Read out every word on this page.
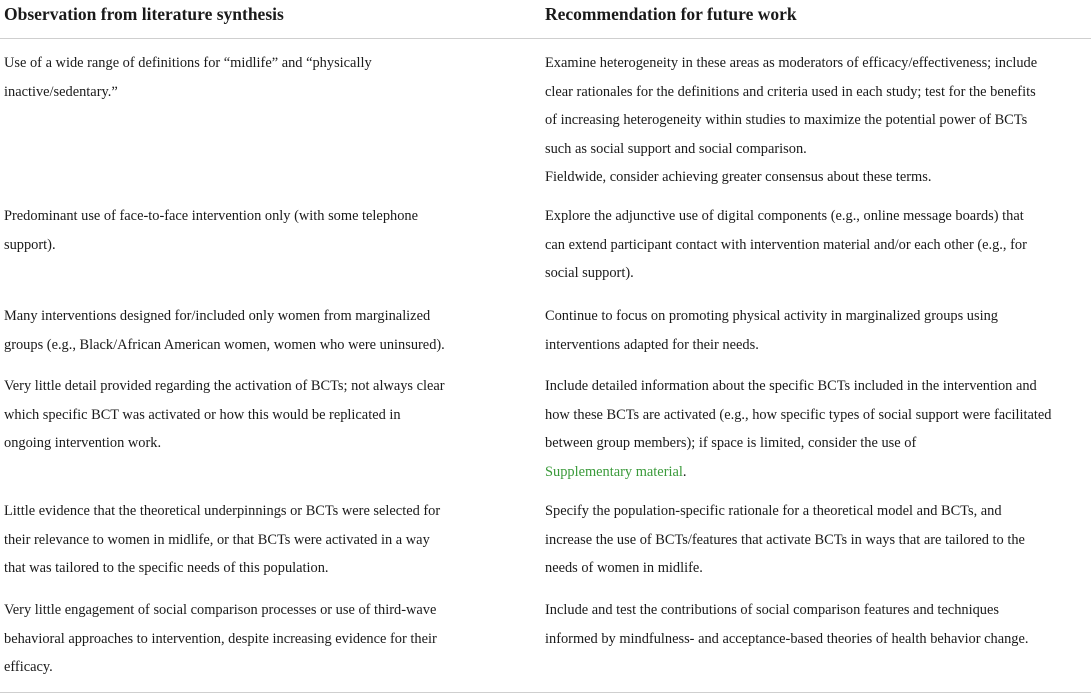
Observation from literature synthesis	Recommendation for future work
Use of a wide range of definitions for “midlife” and “physically
inactive/sedentary.”
Examine heterogeneity in these areas as moderators of efficacy/effectiveness; include
clear rationales for the definitions and criteria used in each study; test for the benefits
of increasing heterogeneity within studies to maximize the potential power of BCTs
such as social support and social comparison.
Fieldwide, consider achieving greater consensus about these terms.
Predominant use of face-to-face intervention only (with some telephone
support).
Explore the adjunctive use of digital components (e.g., online message boards) that
can extend participant contact with intervention material and/or each other (e.g., for
social support).
Many interventions designed for/included only women from marginalized
groups (e.g., Black/African American women, women who were uninsured).
Continue to focus on promoting physical activity in marginalized groups using
interventions adapted for their needs.
Very little detail provided regarding the activation of BCTs; not always clear
which specific BCT was activated or how this would be replicated in
ongoing intervention work.
Include detailed information about the specific BCTs included in the intervention and
how these BCTs are activated (e.g., how specific types of social support were facilitated
between group members); if space is limited, consider the use of
Supplementary material.
Little evidence that the theoretical underpinnings or BCTs were selected for
their relevance to women in midlife, or that BCTs were activated in a way
that was tailored to the specific needs of this population.
Specify the population-specific rationale for a theoretical model and BCTs, and
increase the use of BCTs/features that activate BCTs in ways that are tailored to the
needs of women in midlife.
Very little engagement of social comparison processes or use of third-wave
behavioral approaches to intervention, despite increasing evidence for their
efficacy.
Include and test the contributions of social comparison features and techniques
informed by mindfulness- and acceptance-based theories of health behavior change.
